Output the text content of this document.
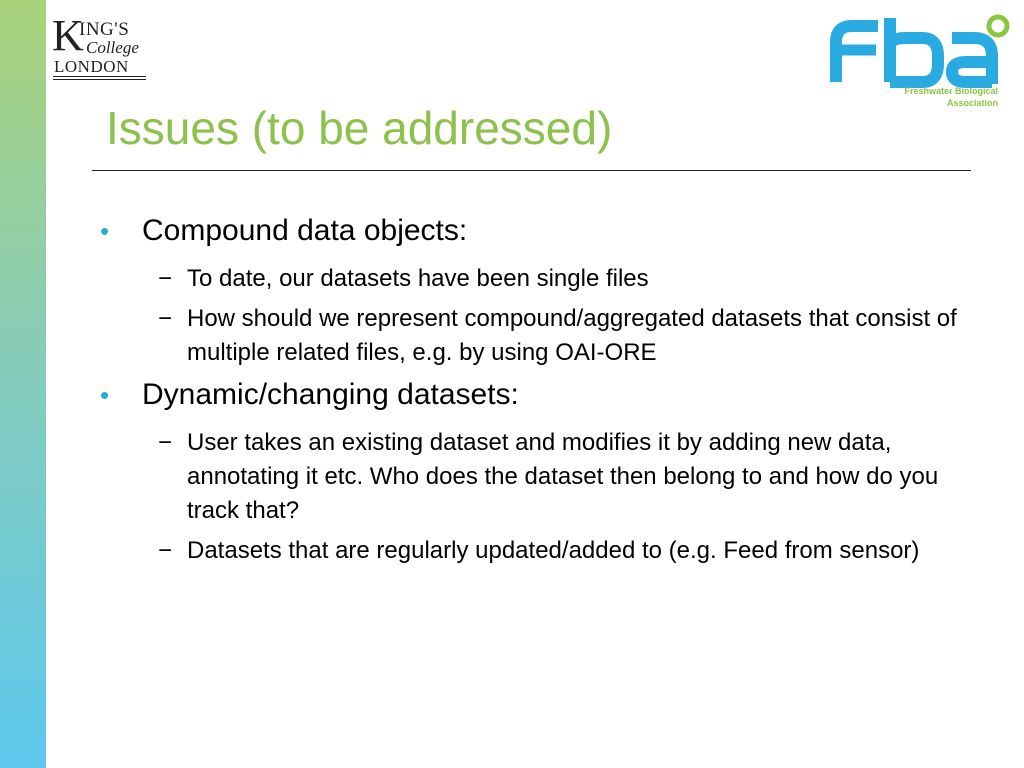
K
ING'S
College
LONDON
Freshwater Biological
Association
Issues (to be addressed)
• Compound data objects:
− To date, our datasets have been single files
− How should we represent compound/aggregated datasets that consist of multiple related files, e.g. by using OAI-ORE
• Dynamic/changing datasets:
− User takes an existing dataset and modifies it by adding new data, annotating it etc. Who does the dataset then belong to and how do you track that?
− Datasets that are regularly updated/added to (e.g. Feed from sensor)
